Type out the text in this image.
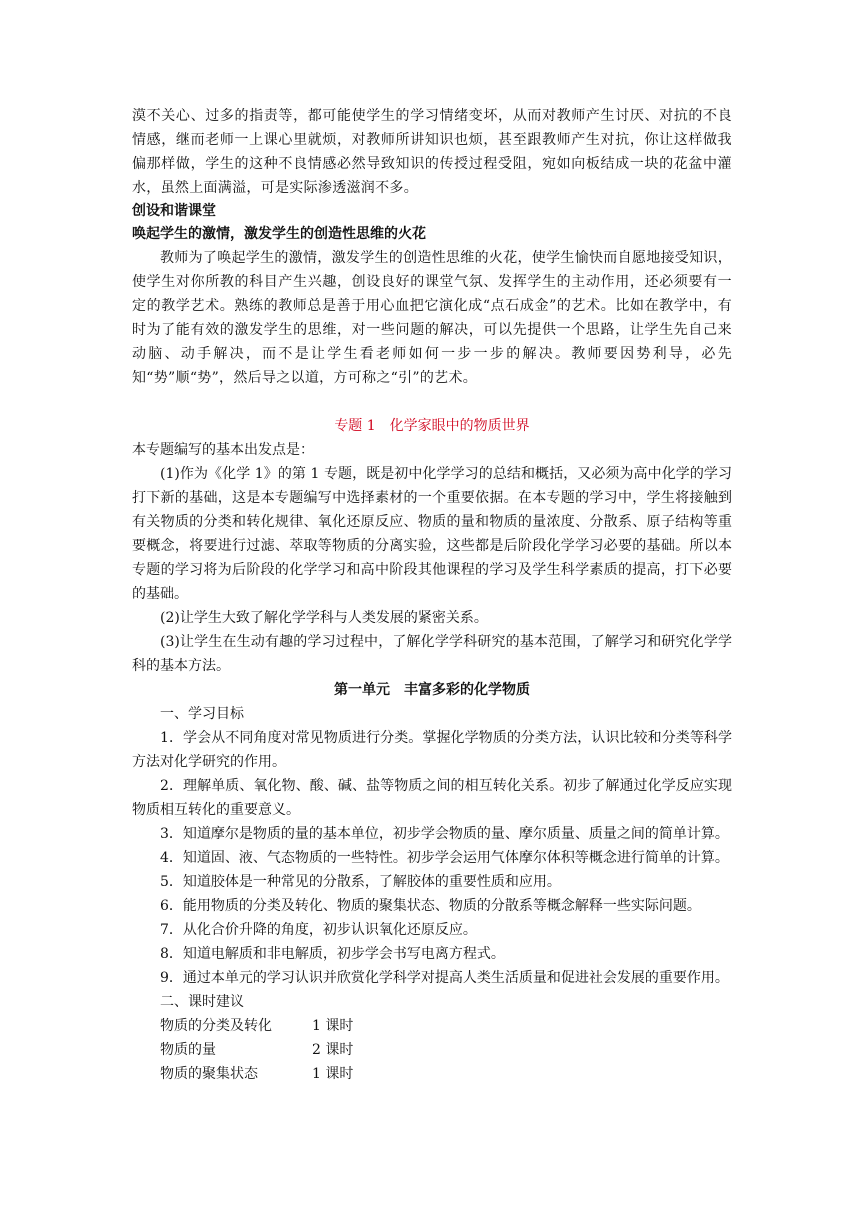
漠不关心、过多的指责等，都可能使学生的学习情绪变坏，从而对教师产生讨厌、对抗的不良情感，继而老师一上课心里就烦，对教师所讲知识也烦，甚至跟教师产生对抗，你让这样做我偏那样做，学生的这种不良情感必然导致知识的传授过程受阻，宛如向板结成一块的花盆中灌水，虽然上面满溢，可是实际渗透滋润不多。

创设和谐课堂

唤起学生的激情，激发学生的创造性思维的火花

教师为了唤起学生的激情，激发学生的创造性思维的火花，使学生愉快而自愿地接受知识，使学生对你所教的科目产生兴趣，创设良好的课堂气氛、发挥学生的主动作用，还必须要有一定的教学艺术。熟练的教师总是善于用心血把它演化成“点石成金”的艺术。比如在教学中，有时为了能有效的激发学生的思维，对一些问题的解决，可以先提供一个思路，让学生先自己来动脑、动手解决，而不是让学生看老师如何一步一步的解决。教师要因势利导，必先知“势”顺“势”，然后导之以道，方可称之“引”的艺术。

专题 1　化学家眼中的物质世界

本专题编写的基本出发点是：

(1)作为《化学 1》的第 1 专题，既是初中化学学习的总结和概括，又必须为高中化学的学习打下新的基础，这是本专题编写中选择素材的一个重要依据。在本专题的学习中，学生将接触到有关物质的分类和转化规律、氧化还原反应、物质的量和物质的量浓度、分散系、原子结构等重要概念，将要进行过滤、萃取等物质的分离实验，这些都是后阶段化学学习必要的基础。所以本专题的学习将为后阶段的化学学习和高中阶段其他课程的学习及学生科学素质的提高，打下必要的基础。

(2)让学生大致了解化学学科与人类发展的紧密关系。

(3)让学生在生动有趣的学习过程中，了解化学学科研究的基本范围，了解学习和研究化学学科的基本方法。

第一单元　丰富多彩的化学物质

一、学习目标

1．学会从不同角度对常见物质进行分类。掌握化学物质的分类方法，认识比较和分类等科学方法对化学研究的作用。

2．理解单质、氧化物、酸、碱、盐等物质之间的相互转化关系。初步了解通过化学反应实现物质相互转化的重要意义。

3．知道摩尔是物质的量的基本单位，初步学会物质的量、摩尔质量、质量之间的简单计算。

4．知道固、液、气态物质的一些特性。初步学会运用气体摩尔体积等概念进行简单的计算。

5．知道胶体是一种常见的分散系，了解胶体的重要性质和应用。

6．能用物质的分类及转化、物质的聚集状态、物质的分散系等概念解释一些实际问题。

7．从化合价升降的角度，初步认识氧化还原反应。

8．知道电解质和非电解质，初步学会书写电离方程式。

9．通过本单元的学习认识并欣赏化学科学对提高人类生活质量和促进社会发展的重要作用。

二、课时建议

物质的分类及转化	1 课时
物质的量	2 课时
物质的聚集状态	1 课时
